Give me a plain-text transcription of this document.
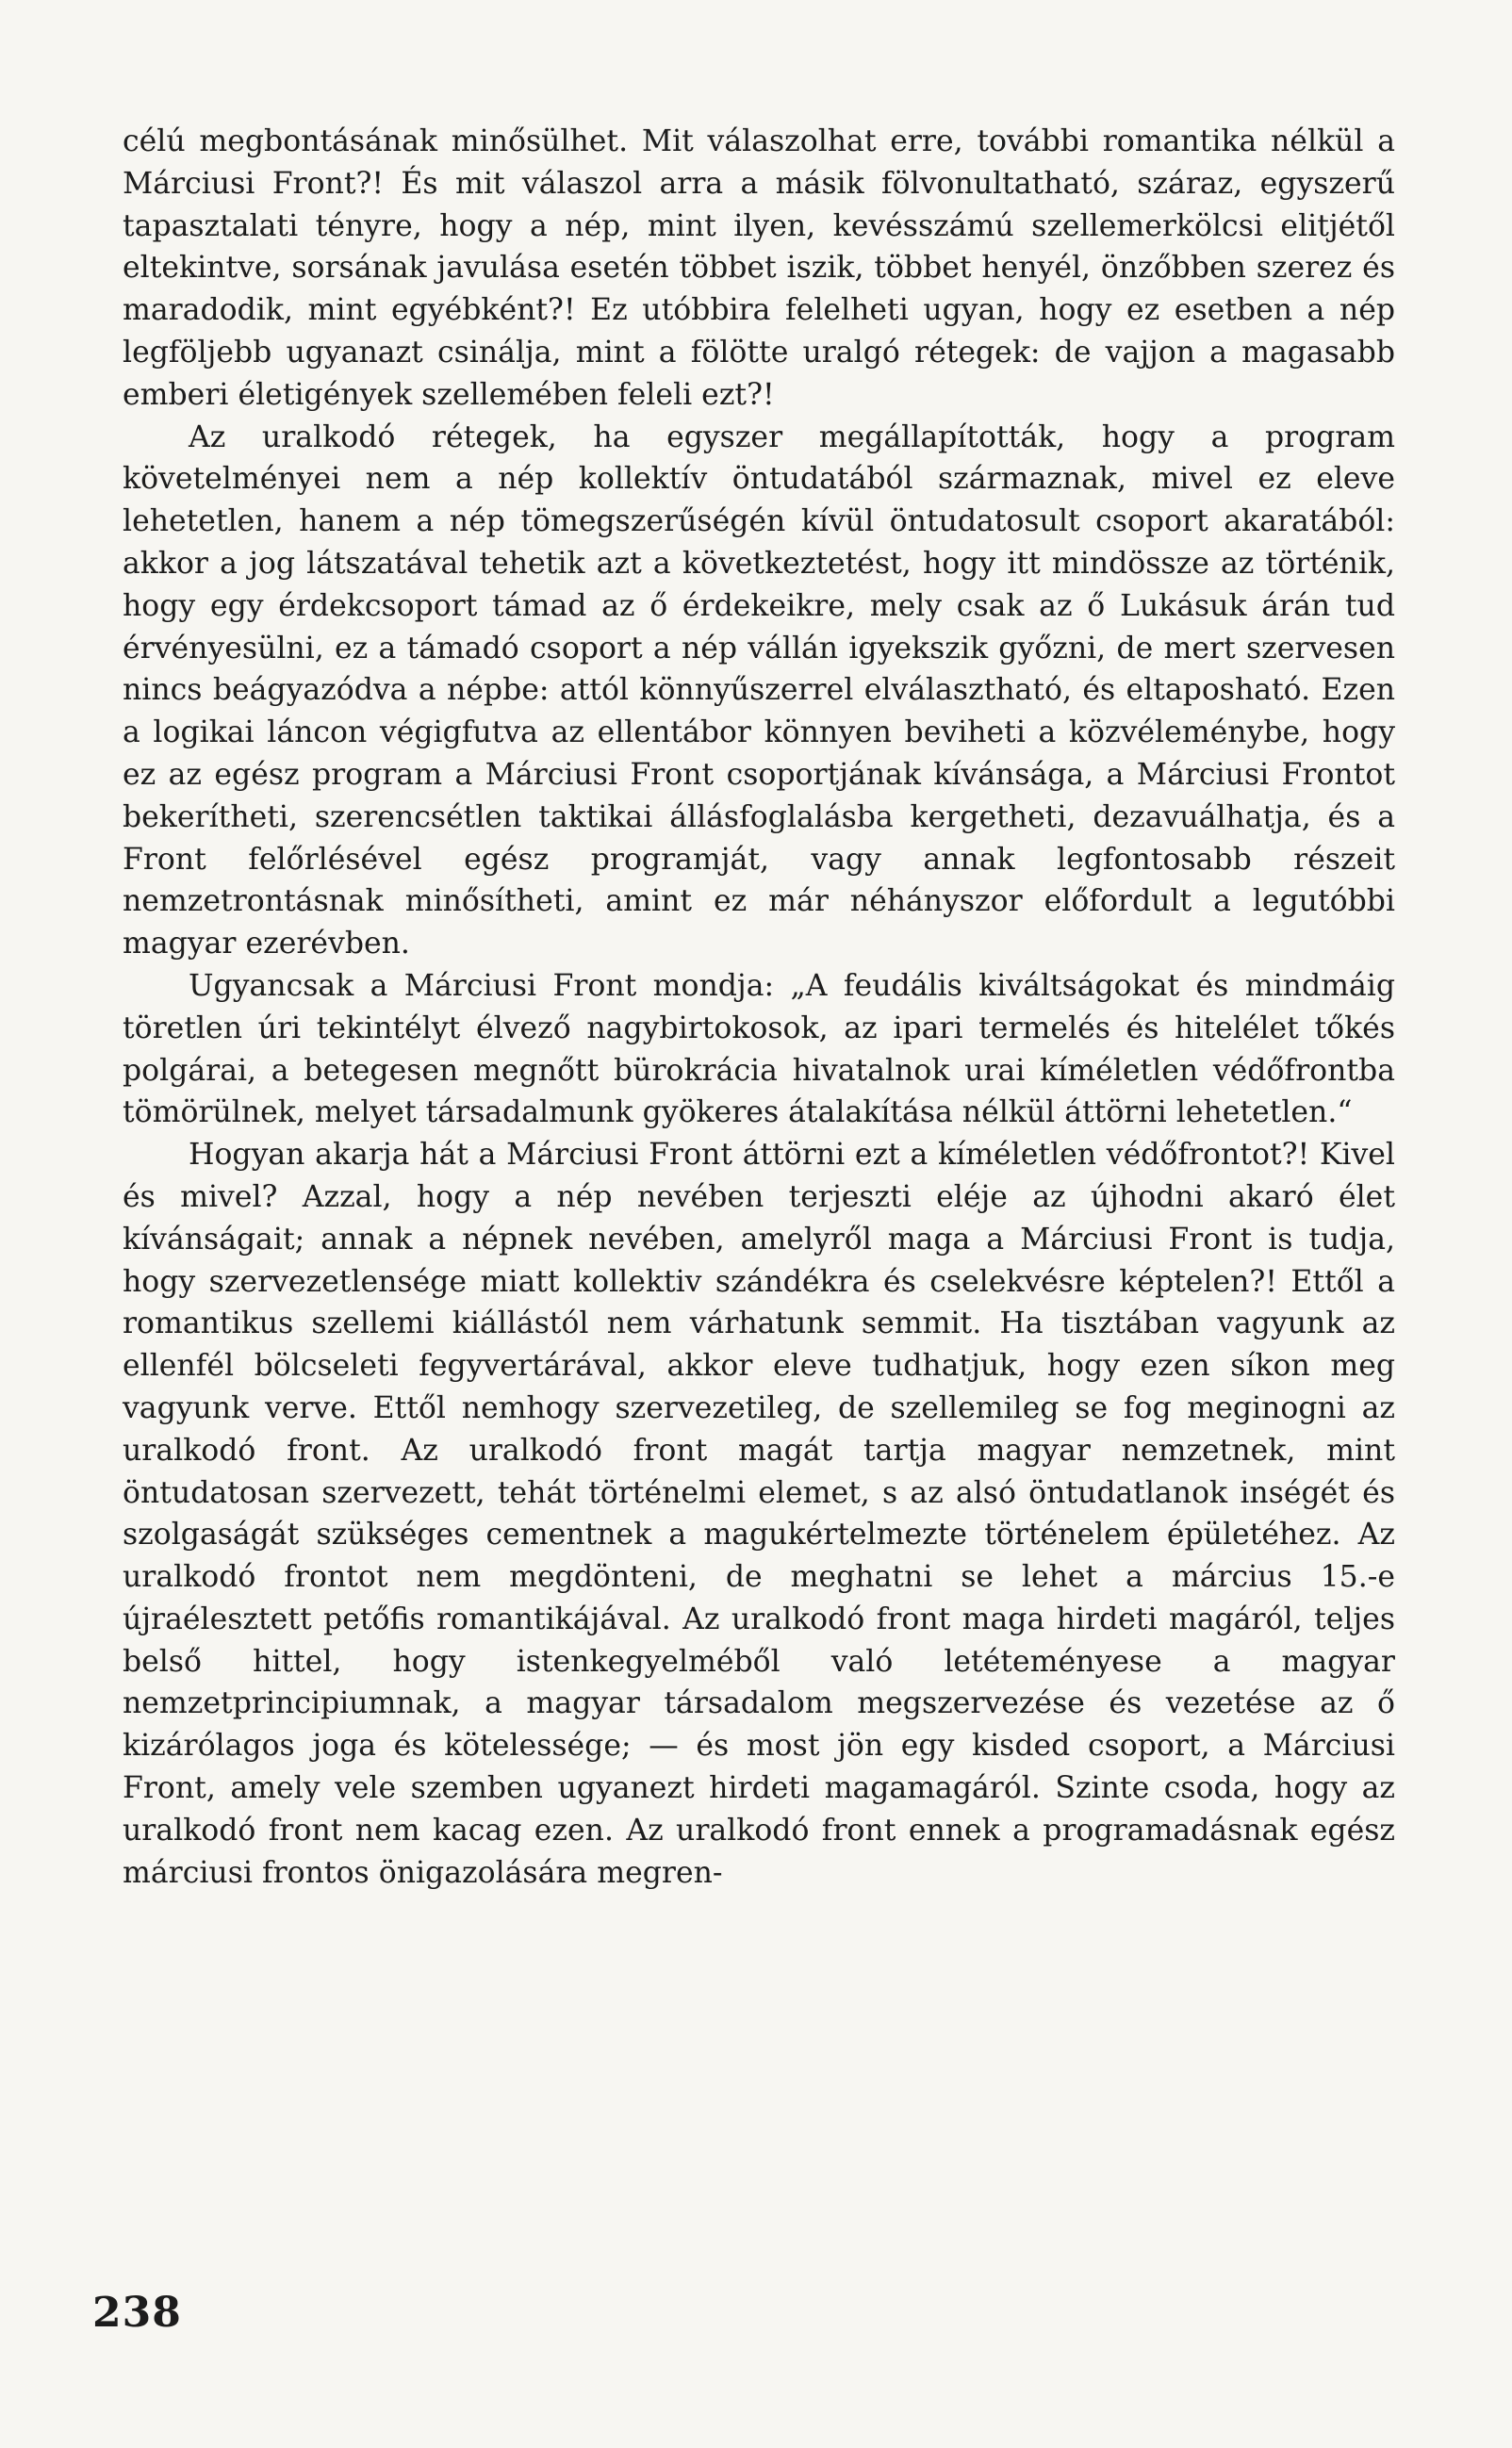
célú megbontásának minősülhet. Mit válaszolhat erre, további romantika nélkül a Márciusi Front?! És mit válaszol arra a másik fölvonultatható, száraz, egyszerű tapasztalati tényre, hogy a nép, mint ilyen, kevésszámú szellemerkölcsi elitjétől eltekintve, sorsának javulása esetén többet iszik, többet henyél, önzőbben szerez és maradodik, mint egyébként?! Ez utóbbira felelheti ugyan, hogy ez esetben a nép legföljebb ugyanazt csinálja, mint a fölötte uralgó rétegek: de vajjon a magasabb emberi életigények szellemében feleli ezt?!

Az uralkodó rétegek, ha egyszer megállapították, hogy a program követelményei nem a nép kollektív öntudatából származnak, mivel ez eleve lehetetlen, hanem a nép tömegszerűségén kívül öntudatosult csoport akaratából: akkor a jog látszatával tehetik azt a következtetést, hogy itt mindössze az történik, hogy egy érdekcsoport támad az ő érdekeikre, mely csak az ő Lukásuk árán tud érvényesülni, ez a támadó csoport a nép vállán igyekszik győzni, de mert szervesen nincs beágyazódva a népbe: attól könnyűszerrel elválasztható, és eltaposható. Ezen a logikai láncon végigfutva az ellentábor könnyen beviheti a közvéleménybe, hogy ez az egész program a Márciusi Front csoportjának kívánsága, a Márciusi Frontot bekerítheti, szerencsétlen taktikai állásfoglalásba kergetheti, dezavuálhatja, és a Front felőrlésével egész programját, vagy annak legfontosabb részeit nemzetrontásnak minősítheti, amint ez már néhányszor előfordult a legutóbbi magyar ezerévben.

Ugyancsak a Márciusi Front mondja: „A feudális kiváltságokat és mindmáig töretlen úri tekintélyt élvező nagybirtokosok, az ipari termelés és hitelélet tőkés polgárai, a betegesen megnőtt bürokrácia hivatalnok urai kíméletlen védőfrontba tömörülnek, melyet társadalmunk gyökeres átalakítása nélkül áttörni lehetetlen.“

Hogyan akarja hát a Márciusi Front áttörni ezt a kíméletlen védőfrontot?! Kivel és mivel? Azzal, hogy a nép nevében terjeszti eléje az újhodni akaró élet kívánságait; annak a népnek nevében, amelyről maga a Márciusi Front is tudja, hogy szervezetlensége miatt kollektiv szándékra és cselekvésre képtelen?! Ettől a romantikus szellemi kiállástól nem várhatunk semmit. Ha tisztában vagyunk az ellenfél bölcseleti fegyvertárával, akkor eleve tudhatjuk, hogy ezen síkon meg vagyunk verve. Ettől nemhogy szervezetileg, de szellemileg se fog meginogni az uralkodó front. Az uralkodó front magát tartja magyar nemzetnek, mint öntudatosan szervezett, tehát történelmi elemet, s az alsó öntudatlanok inségét és szolgaságát szükséges cementnek a magukértelmezte történelem épületéhez. Az uralkodó frontot nem megdönteni, de meghatni se lehet a március 15.-e újraélesztett petőfis romantikájával. Az uralkodó front maga hirdeti magáról, teljes belső hittel, hogy istenkegyelméből való letéteményese a magyar nemzetprincipiumnak, a magyar társadalom megszervezése és vezetése az ő kizárólagos joga és kötelessége; — és most jön egy kisded csoport, a Márciusi Front, amely vele szemben ugyanezt hirdeti magamagáról. Szinte csoda, hogy az uralkodó front nem kacag ezen. Az uralkodó front ennek a programadásnak egész márciusi frontos önigazolására megren-

238
